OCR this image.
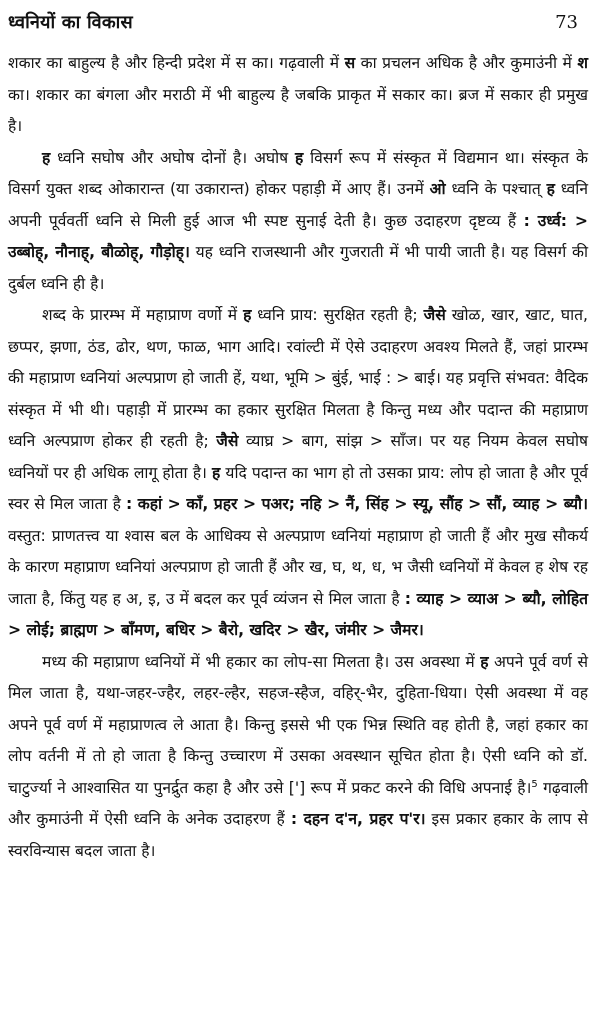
ध्वनियों का विकास	73

शकार का बाहुल्य है और हिन्दी प्रदेश में स का। गढ़वाली में स का प्रचलन अधिक है और कुमाउंनी में श का। शकार का बंगला और मराठी में भी बाहुल्य है जबकि प्राकृत में सकार का। ब्रज में सकार ही प्रमुख है।

ह ध्वनि सघोष और अघोष दोनों है। अघोष ह विसर्ग रूप में संस्कृत में विद्यमान था। संस्कृत के विसर्ग युक्त शब्द ओकारान्त (या उकारान्त) होकर पहाड़ी में आए हैं। उनमें ओ ध्वनि के पश्चात् ह ध्वनि अपनी पूर्ववर्ती ध्वनि से मिली हुई आज भी स्पष्ट सुनाई देती है। कुछ उदाहरण दृष्टव्य हैं : उर्ध्व: > उब्बोह्, नौनाह्, बौळोह्, गौड़ोह्। यह ध्वनि राजस्थानी और गुजराती में भी पायी जाती है। यह विसर्ग की दुर्बल ध्वनि ही है।

शब्द के प्रारम्भ में महाप्राण वर्णो में ह ध्वनि प्राय: सुरक्षित रहती है; जैसे खोळ, खार, खाट, घात, छप्पर, झणा, ठंड, ढोर, थण, फाळ, भाग आदि। रवांल्टी में ऐसे उदाहरण अवश्य मिलते हैं, जहां प्रारम्भ की महाप्राण ध्वनियां अल्पप्राण हो जाती हें, यथा, भूमि > बुंई, भाई : > बाई। यह प्रवृत्ति संभवत: वैदिक संस्कृत में भी थी। पहाड़ी में प्रारम्भ का हकार सुरक्षित मिलता है किन्तु मध्य और पदान्त की महाप्राण ध्वनि अल्पप्राण होकर ही रहती है; जैसे व्याघ्र > बाग, सांझ > साँज। पर यह नियम केवल सघोष ध्वनियों पर ही अधिक लागू होता है। ह यदि पदान्त का भाग हो तो उसका प्राय: लोप हो जाता है और पूर्व स्वर से मिल जाता है : कहां > काँ, प्रहर > पअर; नहि > नैं, सिंह > स्यू, सौंह > सौं, व्याह > ब्यौ। वस्तुत: प्राणतत्त्व या श्वास बल के आधिक्य से अल्पप्राण ध्वनियां महाप्राण हो जाती हैं और मुख सौकर्य के कारण महाप्राण ध्वनियां अल्पप्राण हो जाती हैं और ख, घ, थ, ध, भ जैसी ध्वनियों में केवल ह शेष रह जाता है, किंतु यह ह अ, इ, उ में बदल कर पूर्व व्यंजन से मिल जाता है : व्याह > व्याअ > ब्यौ, लोहित > लोई; ब्राह्मण > बाँमण, बधिर > बैरो, खदिर > खैर, जंमीर > जैमर।

मध्य की महाप्राण ध्वनियों में भी हकार का लोप-सा मिलता है। उस अवस्था में ह अपने पूर्व वर्ण से मिल जाता है, यथा-जहर-ज्हैर, लहर-ल्हैर, सहज-स्हैज, वहिर्-भैर, दुहिता-धिया। ऐसी अवस्था में वह अपने पूर्व वर्ण में महाप्राणत्व ले आता है। किन्तु इससे भी एक भिन्न स्थिति वह होती है, जहां हकार का लोप वर्तनी में तो हो जाता है किन्तु उच्चारण में उसका अवस्थान सूचित होता है। ऐसी ध्वनि को डॉ. चाटुर्ज्या ने आश्वासित या पुनर्द्रुत कहा है और उसे ['] रूप में प्रकट करने की विधि अपनाई है।$^5$ गढ़वाली और कुमाउंनी में ऐसी ध्वनि के अनेक उदाहरण हैं : दहन द'न, प्रहर प'र। इस प्रकार हकार के लाप से स्वरविन्यास बदल जाता है।
